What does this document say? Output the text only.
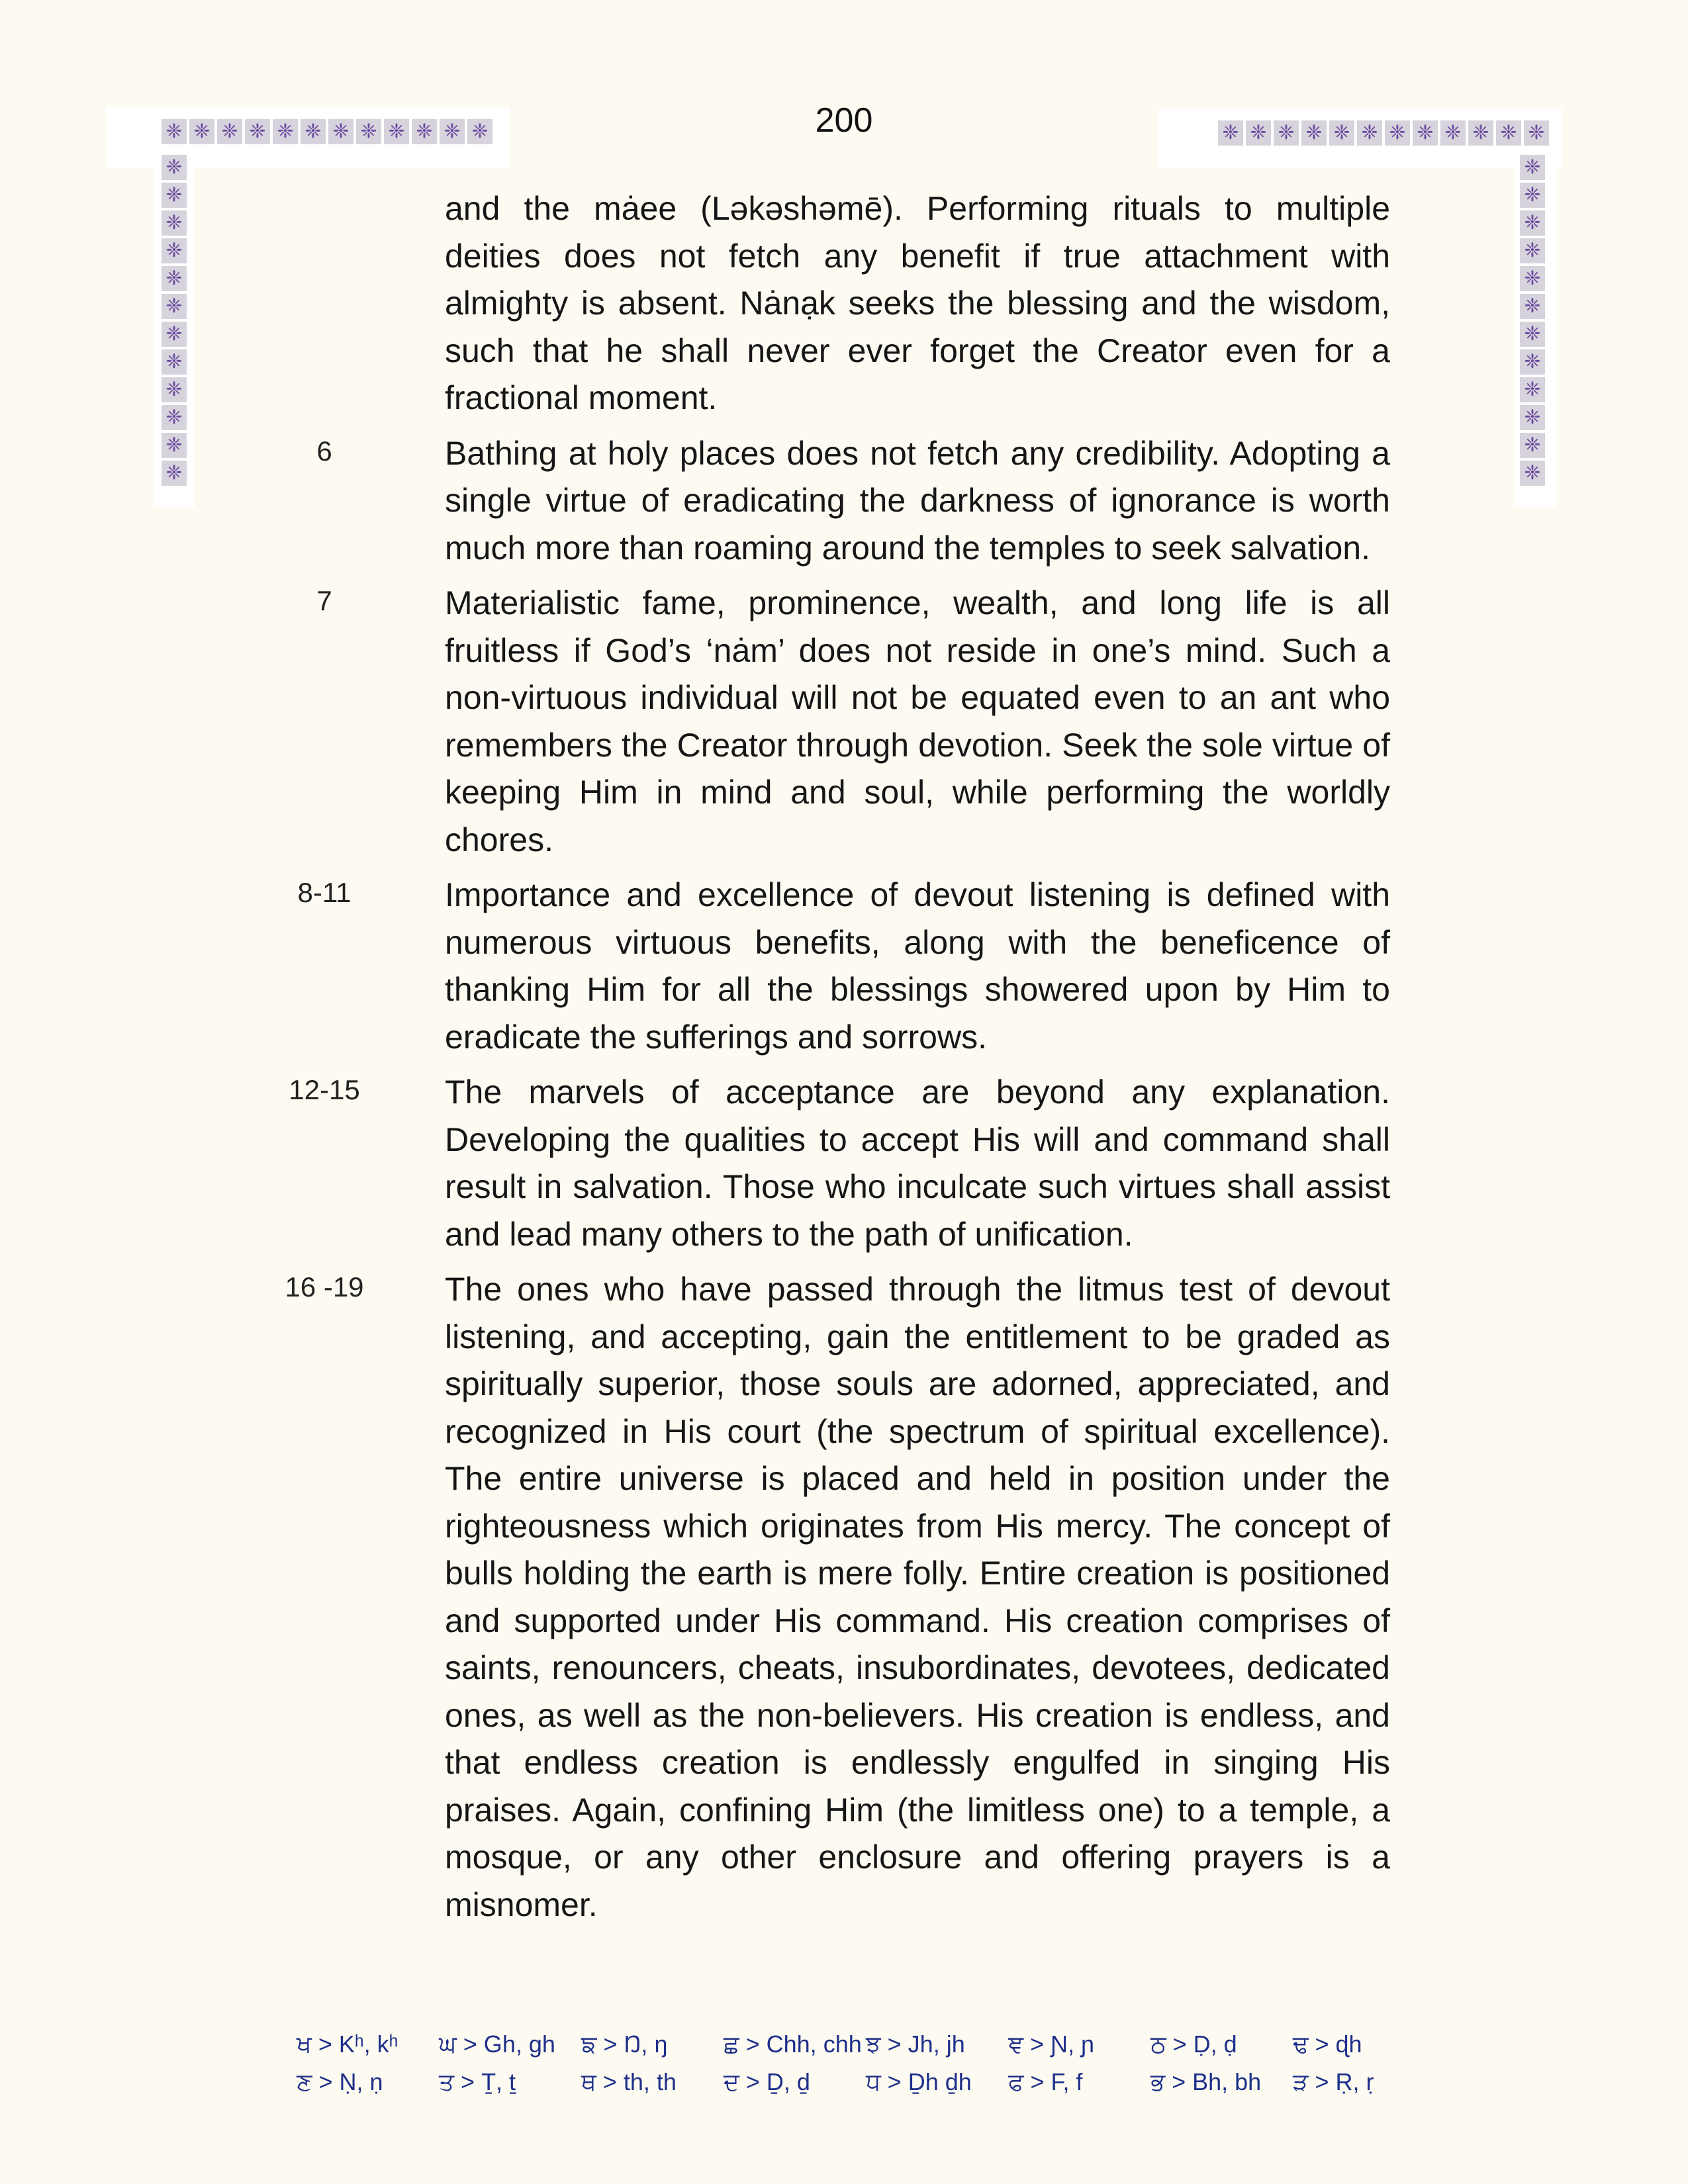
❈ ❈ ❈ ❈ ❈ ❈ ❈ ❈ ❈ ❈ ❈ ❈
❈
❈
❈
❈
❈
❈
❈
❈
❈
❈
❈
❈
❈ ❈ ❈ ❈ ❈ ❈ ❈ ❈ ❈ ❈ ❈ ❈
❈
❈
❈
❈
❈
❈
❈
❈
❈
❈
❈
❈
200
and the mȧee (Ləkəshəmē). Performing rituals to multiple deities does not fetch any benefit if true attachment with almighty is absent. Nȧnạk seeks the blessing and the wisdom, such that he shall never ever forget the Creator even for a fractional moment.
6	Bathing at holy places does not fetch any credibility. Adopting a single virtue of eradicating the darkness of ignorance is worth much more than roaming around the temples to seek salvation.
7	Materialistic fame, prominence, wealth, and long life is all fruitless if God’s ‘nȧm’ does not reside in one’s mind. Such a non-virtuous individual will not be equated even to an ant who remembers the Creator through devotion. Seek the sole virtue of keeping Him in mind and soul, while performing the worldly chores.
8-11	Importance and excellence of devout listening is defined with numerous virtuous benefits, along with the beneficence of thanking Him for all the blessings showered upon by Him to eradicate the sufferings and sorrows.
12-15	The marvels of acceptance are beyond any explanation. Developing the qualities to accept His will and command shall result in salvation. Those who inculcate such virtues shall assist and lead many others to the path of unification.
16 -19	The ones who have passed through the litmus test of devout listening, and accepting, gain the entitlement to be graded as spiritually superior, those souls are adorned, appreciated, and recognized in His court (the spectrum of spiritual excellence). The entire universe is placed and held in position under the righteousness which originates from His mercy. The concept of bulls holding the earth is mere folly. Entire creation is positioned and supported under His command. His creation comprises of saints, renouncers, cheats, insubordinates, devotees, dedicated ones, as well as the non-believers. His creation is endless, and that endless creation is endlessly engulfed in singing His praises. Again, confining Him (the limitless one) to a temple, a mosque, or any other enclosure and offering prayers is a misnomer.
ਖ > Kʰ, kʰ	ਘ > Gh, gh	ਙ > Ŋ, ŋ	ਛ > Chh, chh ਝ > Jh, jh	ਞ > Ɲ, ɲ	ਠ > Ḍ, ḍ	ਢ > ɖh
ਣ > Ṇ, ṇ	ਤ > Ṯ, ṯ	ਥ > th, th	ਦ > Ḏ, ḏ	ਧ > Ḏh ḏh	ਫ > F, f	ਭ > Bh, bh	ੜ > Ṛ, ṛ
